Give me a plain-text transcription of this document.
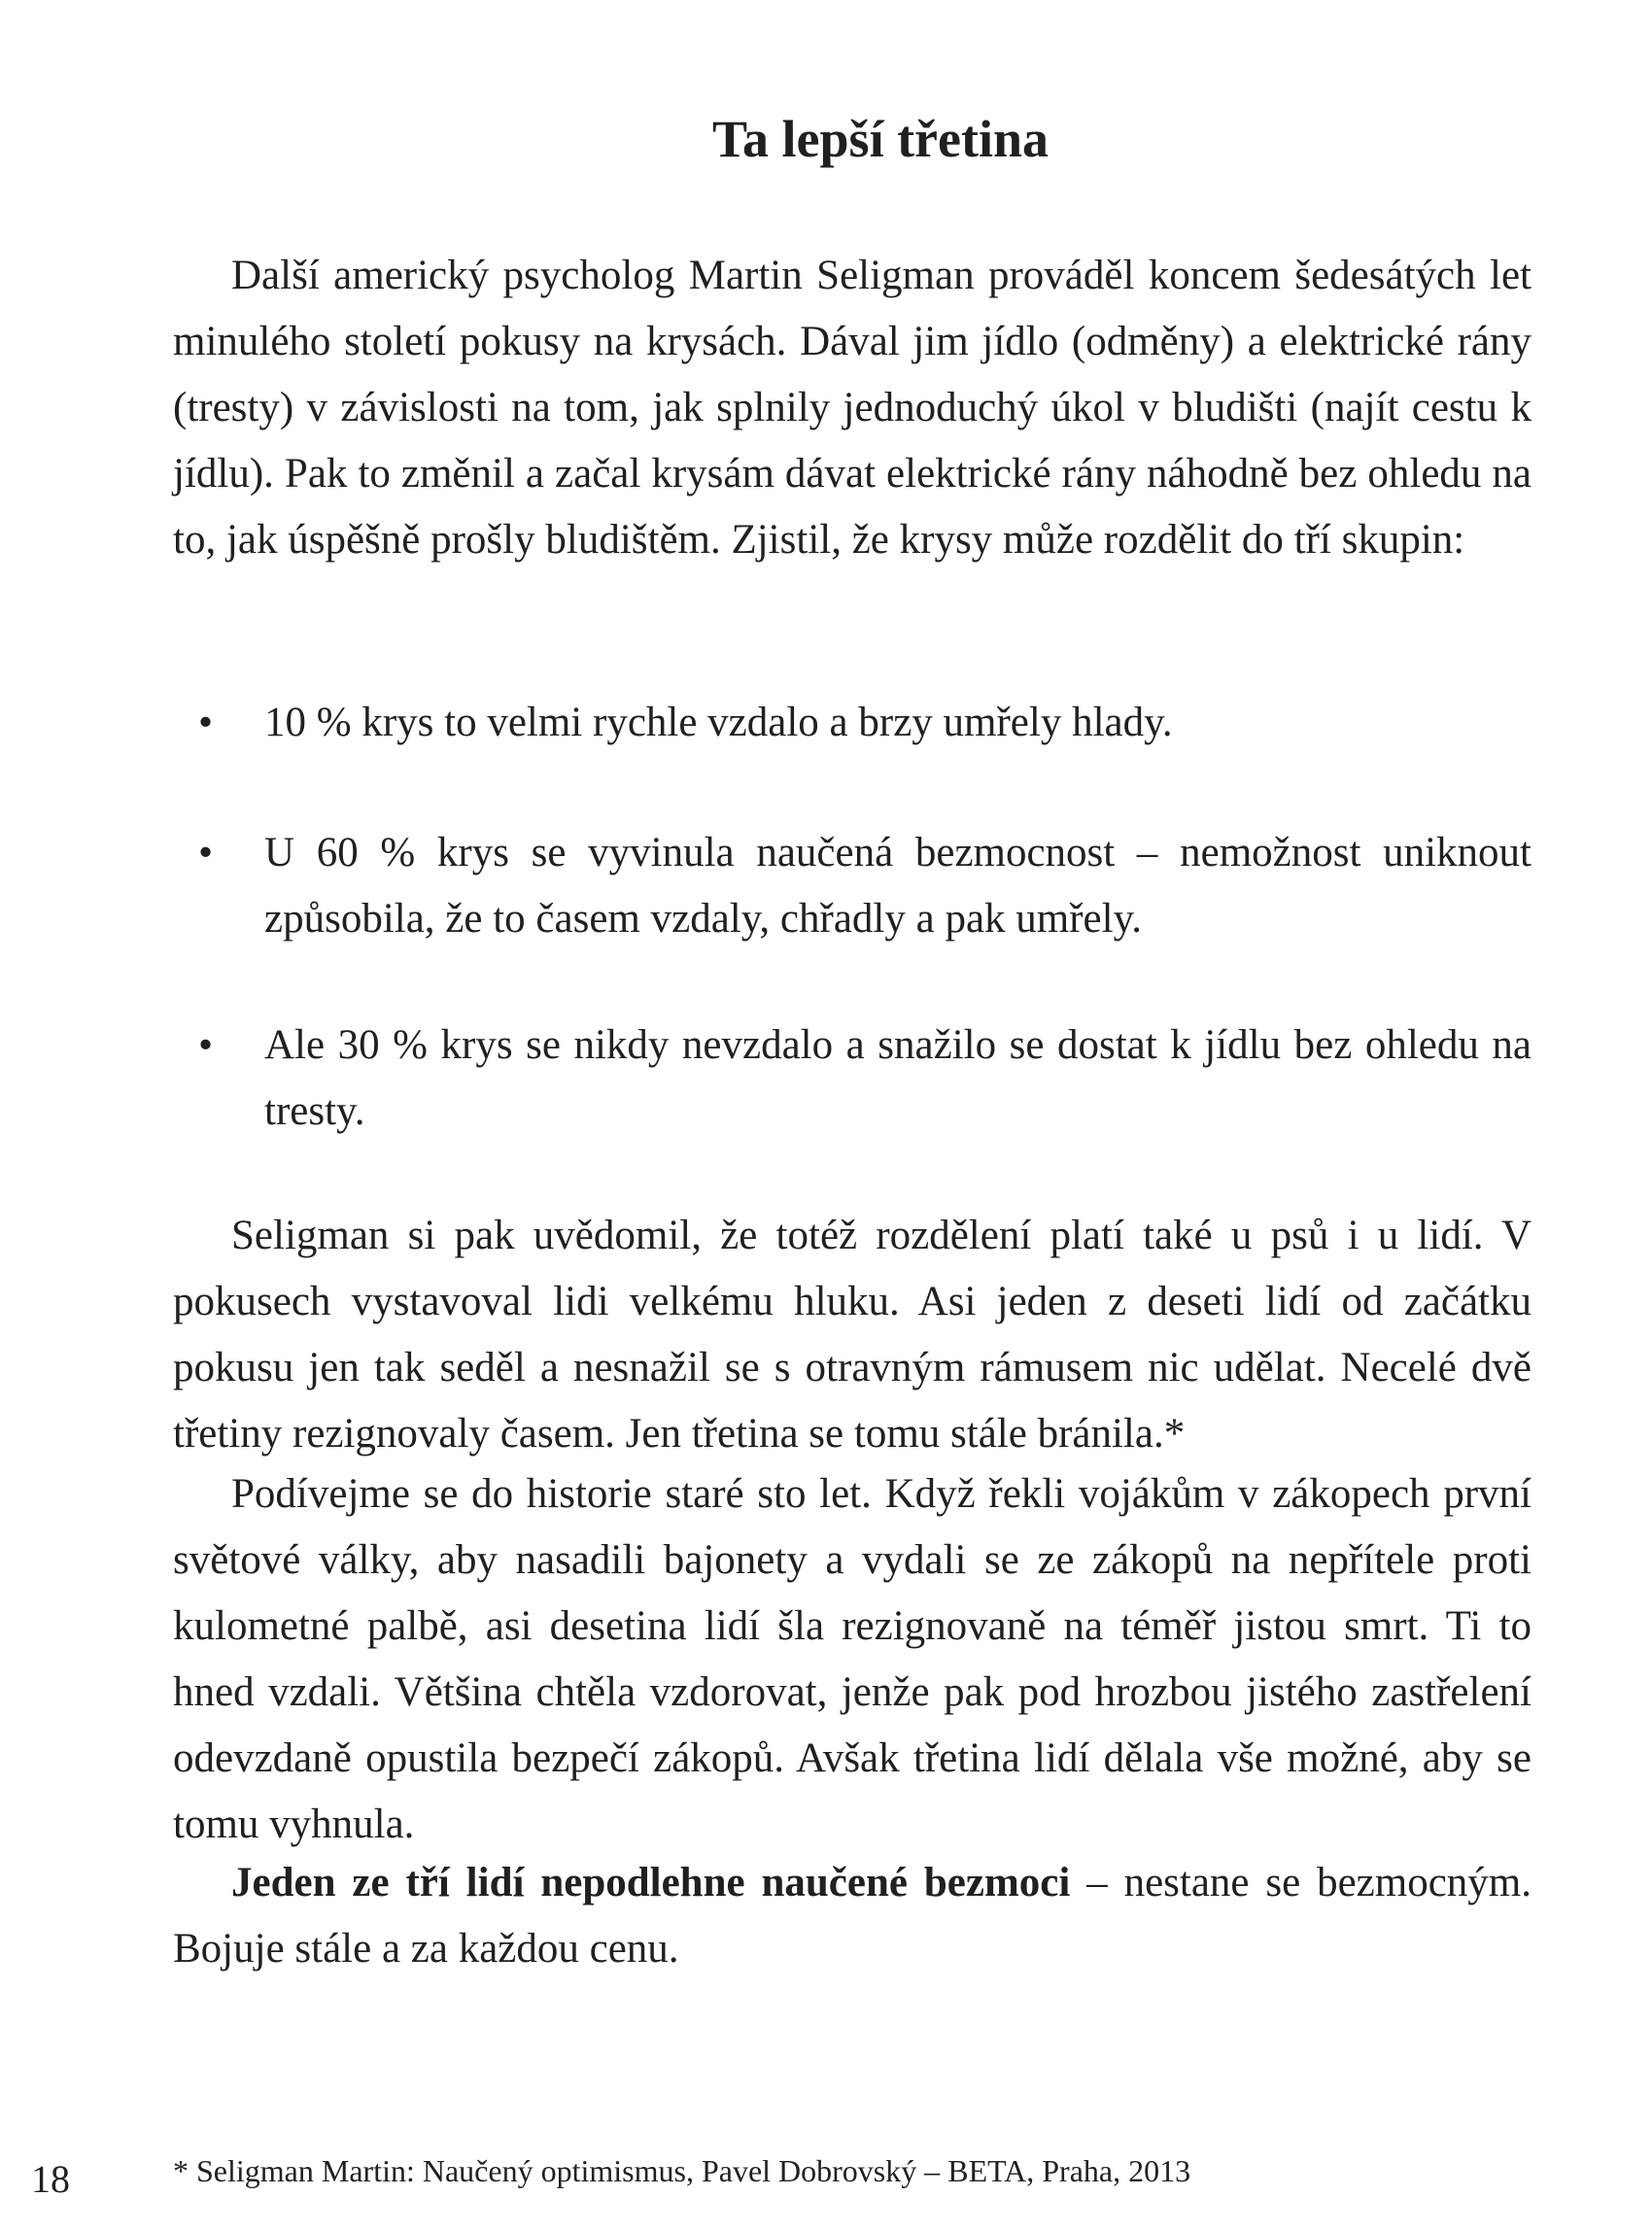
Ta lepší třetina

Další americký psycholog Martin Seligman prováděl koncem šedesátých let minulého století pokusy na krysách. Dával jim jídlo (odměny) a elektrické rány (tresty) v závislosti na tom, jak splnily jednoduchý úkol v bludišti (najít cestu k jídlu). Pak to změnil a začal krysám dávat elektrické rány náhodně bez ohledu na to, jak úspěšně prošly bludištěm. Zjistil, že krysy může rozdělit do tří skupin:

• 10 % krys to velmi rychle vzdalo a brzy umřely hlady.
• U 60 % krys se vyvinula naučená bezmocnost – nemožnost uniknout způsobila, že to časem vzdaly, chřadly a pak umřely.
• Ale 30 % krys se nikdy nevzdalo a snažilo se dostat k jídlu bez ohledu na tresty.

Seligman si pak uvědomil, že totéž rozdělení platí také u psů i u lidí. V pokusech vystavoval lidi velkému hluku. Asi jeden z deseti lidí od začátku pokusu jen tak seděl a nesnažil se s otravným rámusem nic udělat. Necelé dvě třetiny rezignovaly časem. Jen třetina se tomu stále bránila.*

Podívejme se do historie staré sto let. Když řekli vojákům v zákopech první světové války, aby nasadili bajonety a vydali se ze zákopů na nepřítele proti kulometné palbě, asi desetina lidí šla rezignovaně na téměř jistou smrt. Ti to hned vzdali. Většina chtěla vzdorovat, jenže pak pod hrozbou jistého zastřelení odevzdaně opustila bezpečí zákopů. Avšak třetina lidí dělala vše možné, aby se tomu vyhnula.

Jeden ze tří lidí nepodlehne naučené bezmoci – nestane se bezmocným. Bojuje stále a za každou cenu.

18	* Seligman Martin: Naučený optimismus, Pavel Dobrovský – BETA, Praha, 2013
